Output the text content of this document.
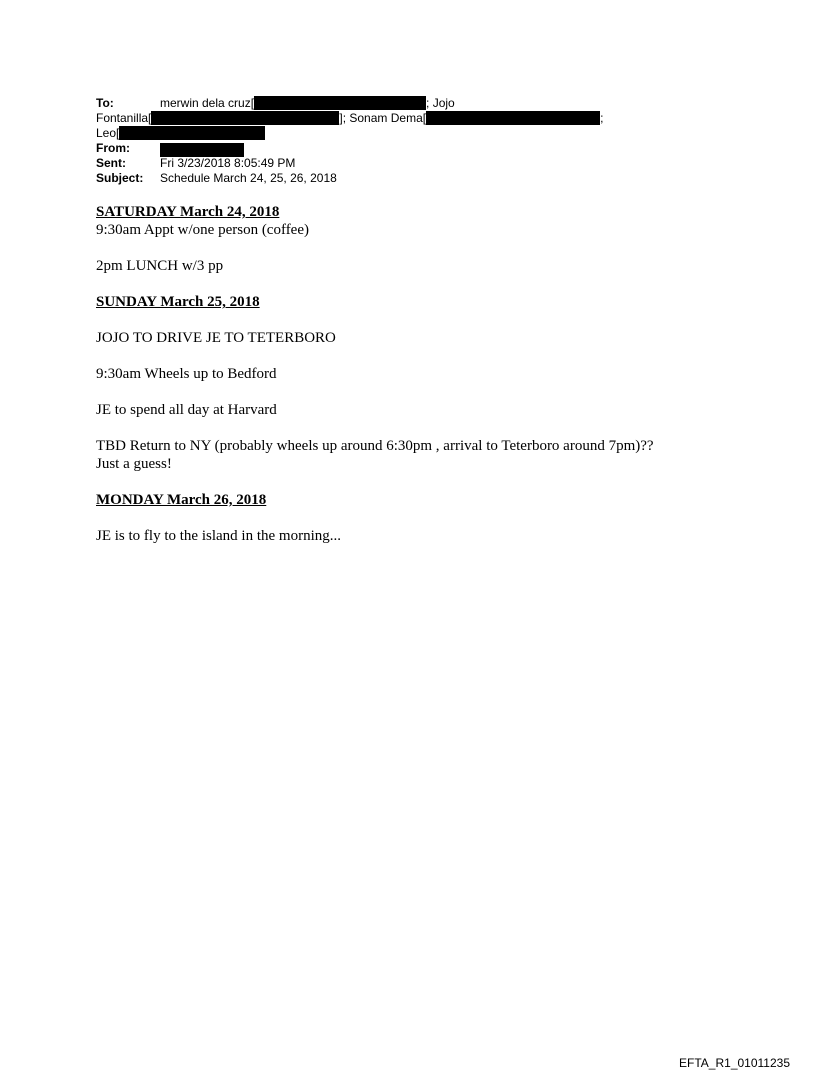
To:	merwin dela cruz[	; Jojo
Fontanilla[	]; Sonam Dema[	;
Leo[
From:
Sent:	Fri 3/23/2018 8:05:49 PM
Subject: Schedule March 24, 25, 26, 2018

SATURDAY March 24, 2018

9:30am Appt w/one person (coffee)

2pm LUNCH w/3 pp

SUNDAY March 25, 2018

JOJO TO DRIVE JE TO TETERBORO

9:30am Wheels up to Bedford

JE to spend all day at Harvard

TBD Return to NY (probably wheels up around 6:30pm , arrival to Teterboro around 7pm)??

Just a guess!

MONDAY March 26, 2018

JE is to fly to the island in the morning...

EFTA_R1_01011235
